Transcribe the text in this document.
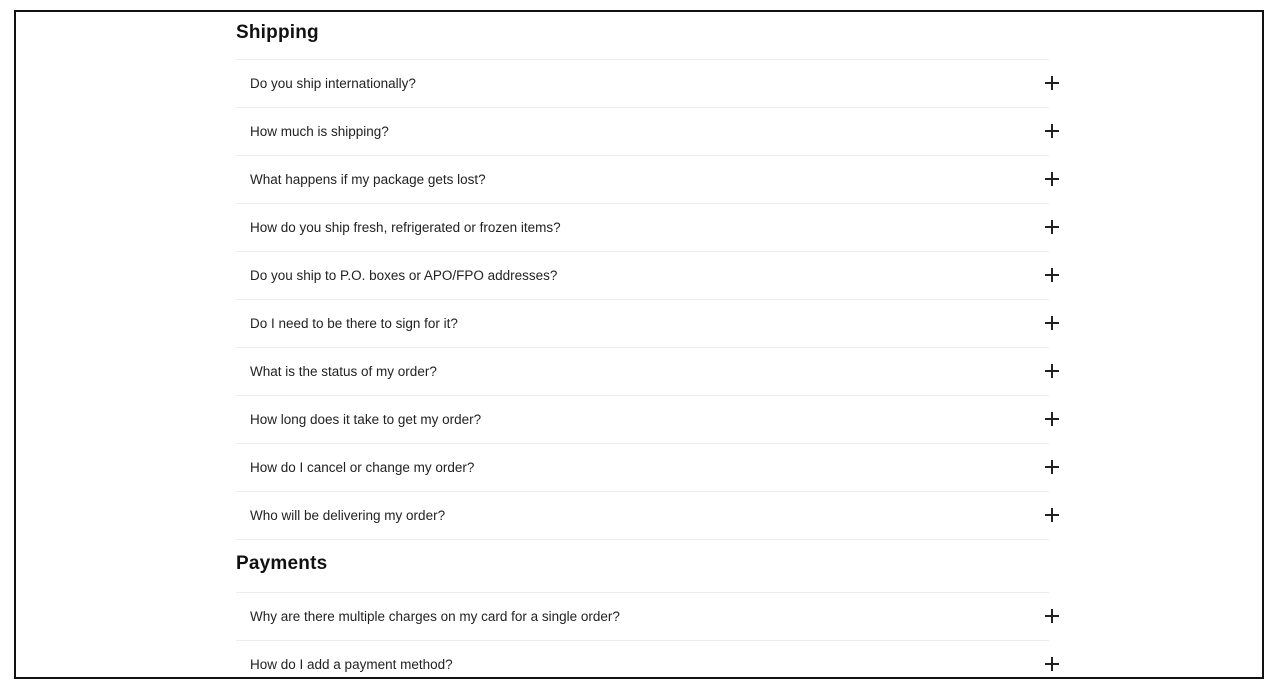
Shipping
Do you ship internationally?
How much is shipping?
What happens if my package gets lost?
How do you ship fresh, refrigerated or frozen items?
Do you ship to P.O. boxes or APO/FPO addresses?
Do I need to be there to sign for it?
What is the status of my order?
How long does it take to get my order?
How do I cancel or change my order?
Who will be delivering my order?
Payments
Why are there multiple charges on my card for a single order?
How do I add a payment method?
